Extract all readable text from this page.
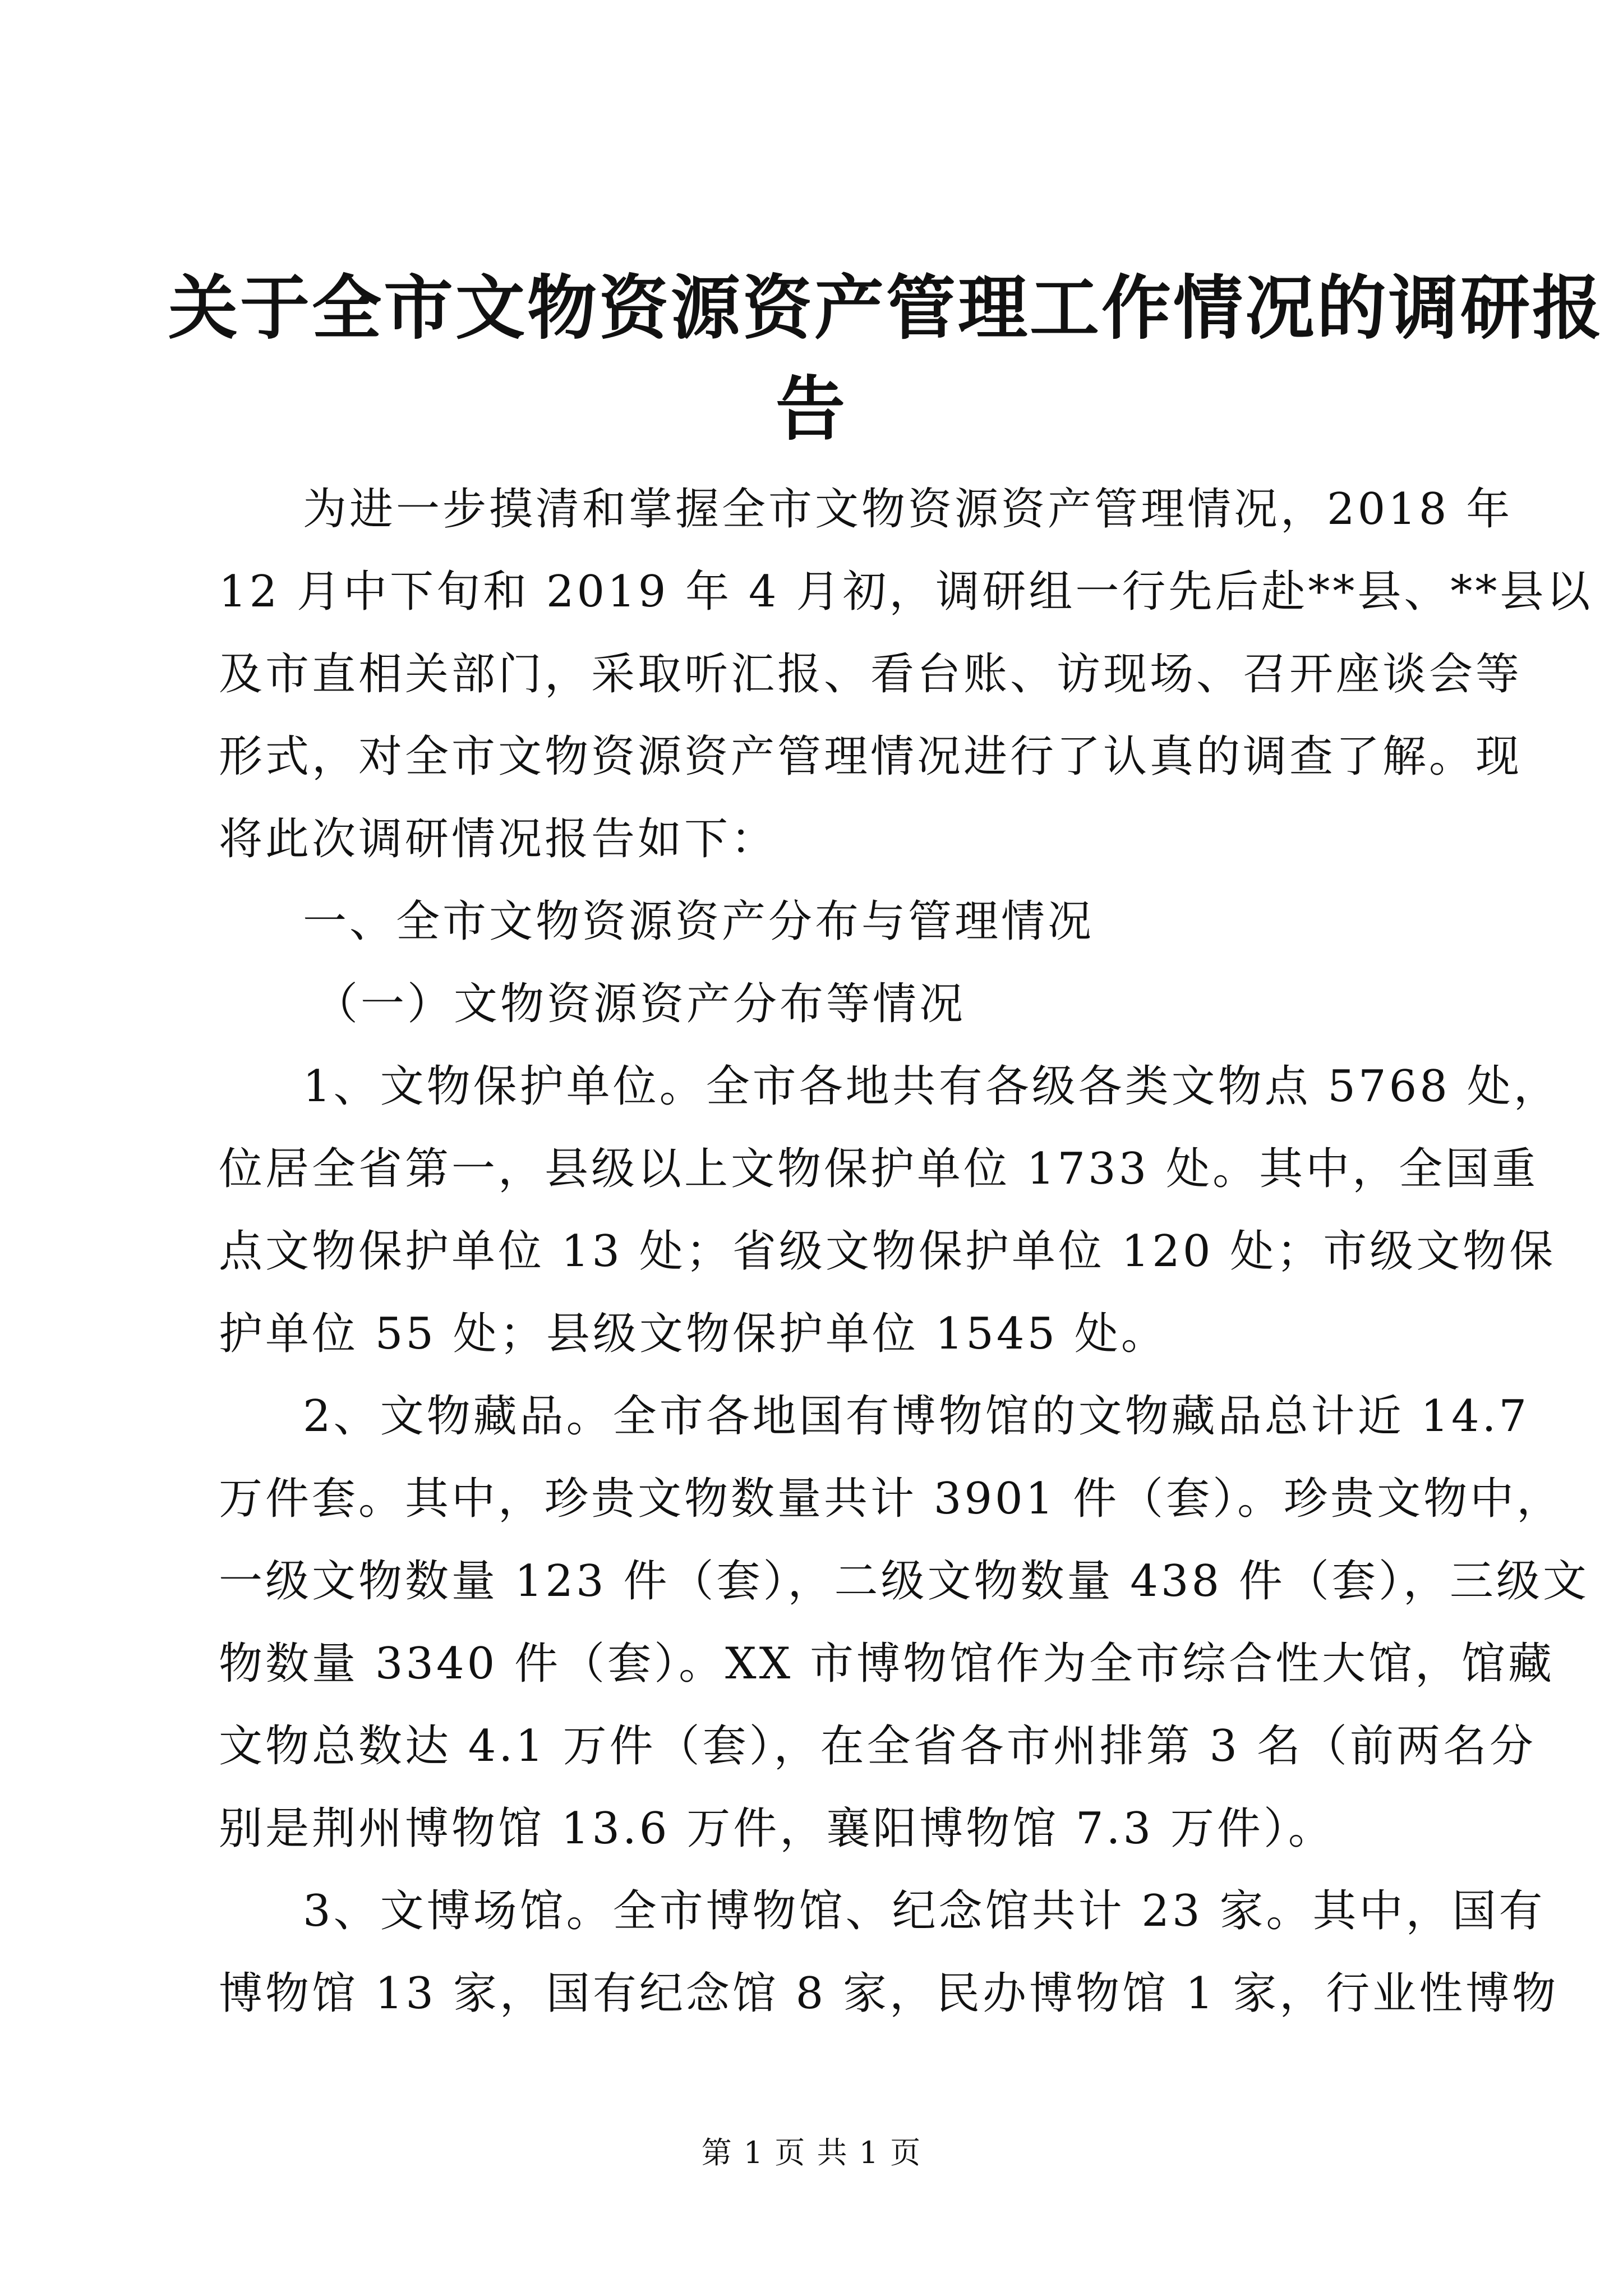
关于全市文物资源资产管理工作情况的调研报
告

为进一步摸清和掌握全市文物资源资产管理情况，2018 年

12 月中下旬和 2019 年 4 月初，调研组一行先后赴**县、**县以

及市直相关部门，采取听汇报、看台账、访现场、召开座谈会等

形式，对全市文物资源资产管理情况进行了认真的调查了解。现

将此次调研情况报告如下：

一、全市文物资源资产分布与管理情况

（一）文物资源资产分布等情况

1、文物保护单位。全市各地共有各级各类文物点 5768 处，

位居全省第一，县级以上文物保护单位 1733 处。其中，全国重

点文物保护单位 13 处；省级文物保护单位 120 处；市级文物保

护单位 55 处；县级文物保护单位 1545 处。

2、文物藏品。全市各地国有博物馆的文物藏品总计近 14.7

万件套。其中，珍贵文物数量共计 3901 件（套）。珍贵文物中，

一级文物数量 123 件（套），二级文物数量 438 件（套），三级文

物数量 3340 件（套）。XX 市博物馆作为全市综合性大馆，馆藏

文物总数达 4.1 万件（套），在全省各市州排第 3 名（前两名分

别是荆州博物馆 13.6 万件，襄阳博物馆 7.3 万件）。

3、文博场馆。全市博物馆、纪念馆共计 23 家。其中，国有

博物馆 13 家，国有纪念馆 8 家，民办博物馆 1 家，行业性博物

第 1 页 共 1 页
